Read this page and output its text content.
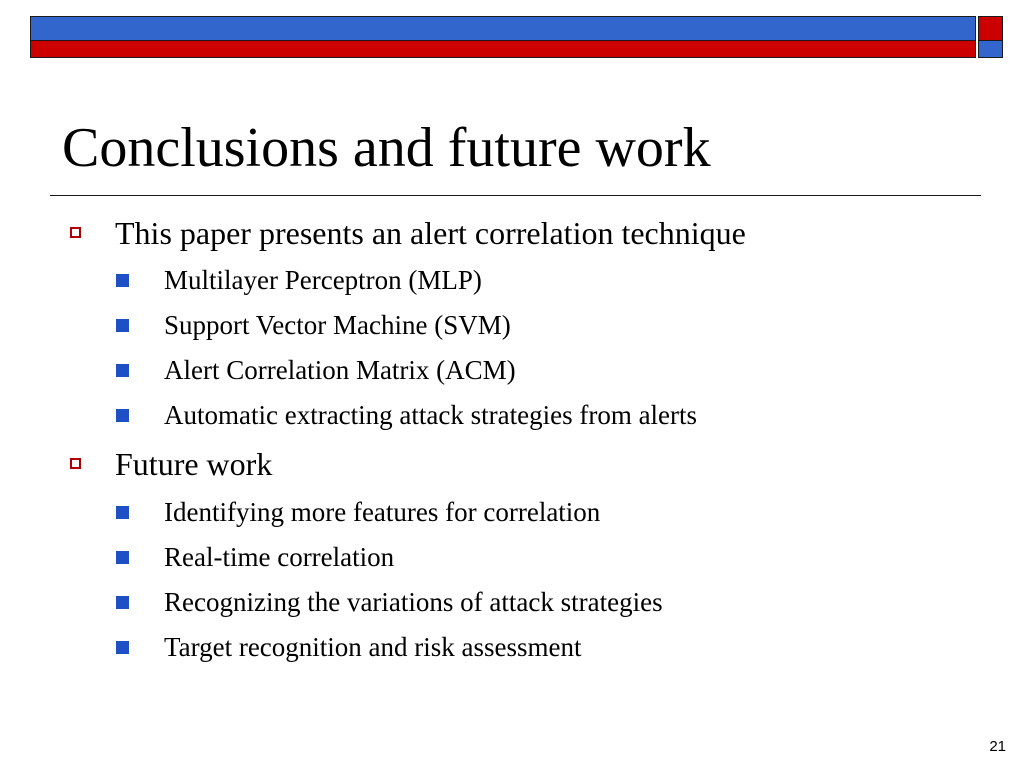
Conclusions and future work
This paper presents an alert correlation technique
Multilayer Perceptron (MLP)
Support Vector Machine (SVM)
Alert Correlation Matrix (ACM)
Automatic extracting attack strategies from alerts
Future work
Identifying more features for correlation
Real-time correlation
Recognizing the variations of attack strategies
Target recognition and risk assessment
21
